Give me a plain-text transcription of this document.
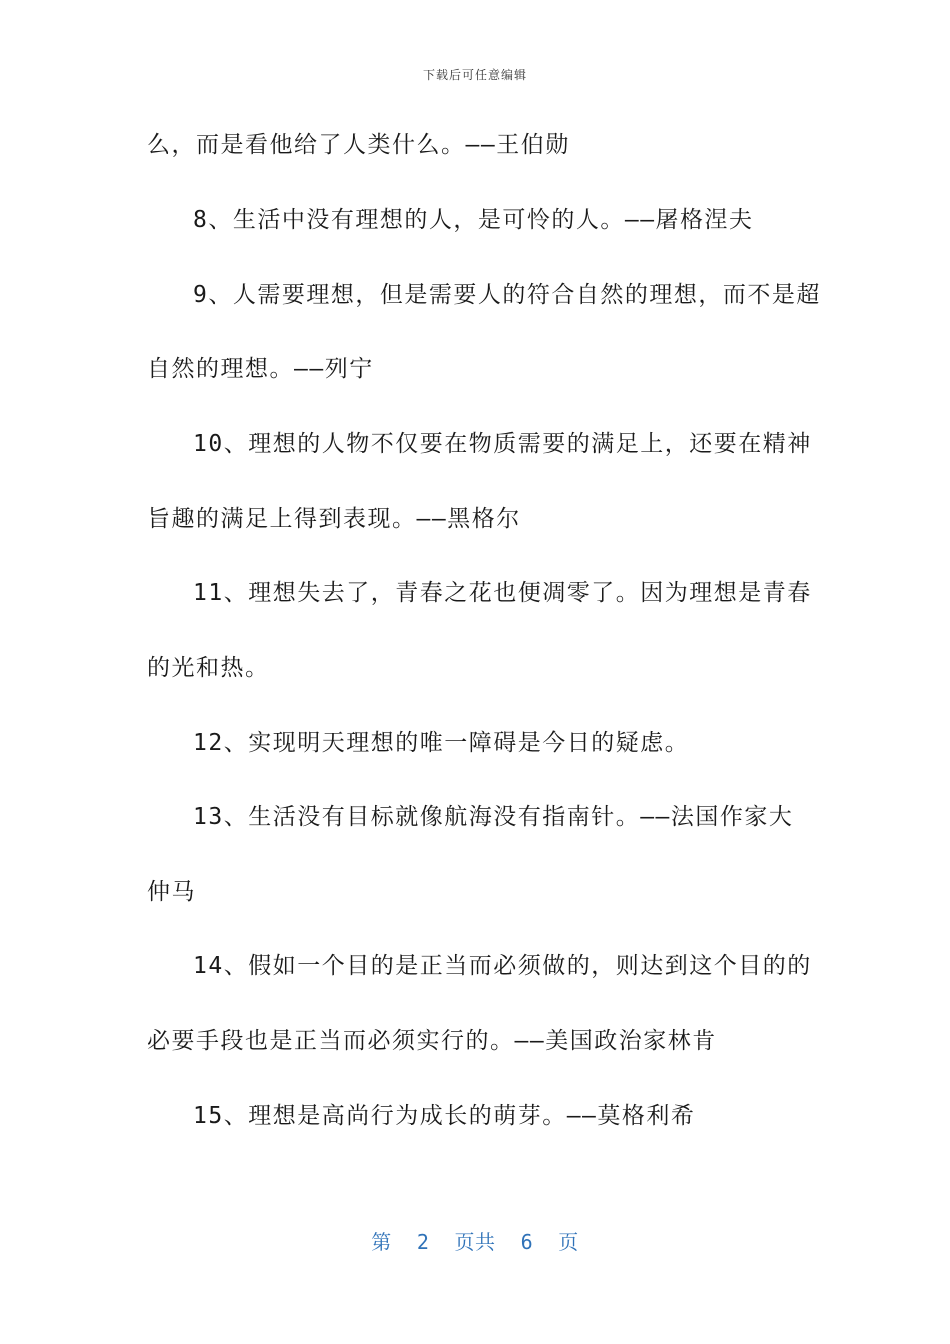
下载后可任意编辑
么，而是看他给了人类什么。——王伯勋
8、生活中没有理想的人，是可怜的人。——屠格涅夫
9、人需要理想，但是需要人的符合自然的理想，而不是超
自然的理想。——列宁
10、理想的人物不仅要在物质需要的满足上，还要在精神
旨趣的满足上得到表现。——黑格尔
11、理想失去了，青春之花也便凋零了。因为理想是青春
的光和热。
12、实现明天理想的唯一障碍是今日的疑虑。
13、生活没有目标就像航海没有指南针。——法国作家大
仲马
14、假如一个目的是正当而必须做的，则达到这个目的的
必要手段也是正当而必须实行的。——美国政治家林肯
15、理想是高尚行为成长的萌芽。——莫格利希
第  2  页共  6  页
